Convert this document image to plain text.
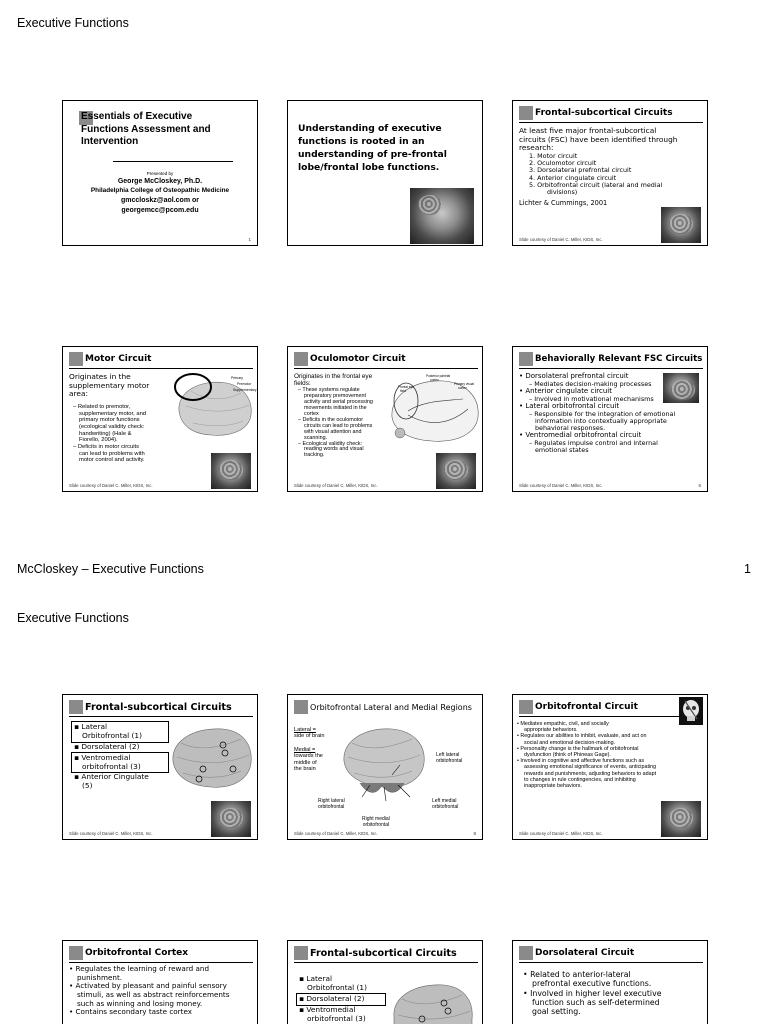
Executive Functions
McCloskey – Executive Functions	1
Executive Functions
Essentials of Executive
Functions Assessment and
Intervention
Presented by
George McCloskey, Ph.D.
Philadelphia College of Osteopathic Medicine
gmccloskz@aol.com or
georgemcc@pcom.edu
1
Understanding of executive
functions is rooted in an
understanding of pre-frontal
lobe/frontal lobe functions.
Frontal-subcortical Circuits
At least five major frontal-subcortical
circuits (FSC) have been identified through
research:
1. Motor circuit
2. Oculomotor circuit
3. Dorsolateral prefrontal circuit
4. Anterior cingulate circuit
5. Orbitofrontal circuit (lateral and medial
divisions)
Lichter & Cummings, 2001
Slide courtesy of Daniel C. Miller, KIDS, Inc.
Motor Circuit
Originates in the
supplementary motor
area:
– Related to premotor,
supplementary motor, and
primary motor functions
(ecological validity check:
handwriting) (Hale &
Fiorello, 2004).
– Deficits in motor circuits
can lead to problems with
motor control and activity.
Primary
Premotor
Supplementary
Slide courtesy of Daniel C. Miller, KIDS, Inc.
Oculomotor Circuit
Originates in the frontal eye
fields:
– These systems regulate
preparatory premovement
activity and serial processing
movements initiated in the
cortex
– Deficits in the oculomotor
circuits can lead to problems
with visual attention and
scanning.
– Ecological validity check:
reading words and visual
tracking.
Posterior parietal
cortex
Frontal eye
field
Primary visual
cortex
Slide courtesy of Daniel C. Miller, KIDS, Inc.
Behaviorally Relevant FSC Circuits
• Dorsolateral prefrontal circuit
– Mediates decision-making processes
• Anterior cingulate circuit
– Involved in motivational mechanisms
• Lateral orbitofrontal circuit
– Responsible for the integration of emotional
information into contextually appropriate
behavioral responses.
• Ventromedial orbitofrontal circuit
– Regulates impulse control and internal
emotional states
Slide courtesy of Daniel C. Miller, KIDS, Inc.	6
Frontal-subcortical Circuits
▪ Lateral
Orbitofrontal (1)
▪ Dorsolateral (2)
▪ Ventromedial
orbitofrontal (3)
▪ Anterior Cingulate
(5)
Slide courtesy of Daniel C. Miller, KIDS, Inc.
Orbitofrontal Lateral and Medial Regions
Lateral =
side of brain
Medial =
towards the
middle of
the brain
Left lateral
orbitofrontal
Right lateral
orbitofrontal
Left medial
orbitofrontal
Right medial
orbitofrontal
Slide courtesy of Daniel C. Miller, KIDS, Inc.	8
Orbitofrontal Circuit
• Mediates empathic, civil, and socially
appropriate behaviors.
• Regulates our abilities to inhibit, evaluate, and act on
social and emotional decision-making.
• Personality change is the hallmark of orbitofrontal
dysfunction (think of Phineas Gage).
• Involved in cognitive and affective functions such as
assessing emotional significance of events, anticipating
rewards and punishments, adjusting behaviors to adapt
to changes in rule contingencies, and inhibiting
inappropriate behaviors.
Slide courtesy of Daniel C. Miller, KIDS, Inc.
Orbitofrontal Cortex
• Regulates the learning of reward and
punishment.
• Activated by pleasant and painful sensory
stimuli, as well as abstract reinforcements
such as winning and losing money.
• Contains secondary taste cortex
Frontal-subcortical Circuits
▪ Lateral
Orbitofrontal (1)
▪ Dorsolateral (2)
▪ Ventromedial
orbitofrontal (3)
Dorsolateral Circuit
• Related to anterior-lateral
prefrontal executive functions.
• Involved in higher level executive
function such as self-determined
goal setting.
